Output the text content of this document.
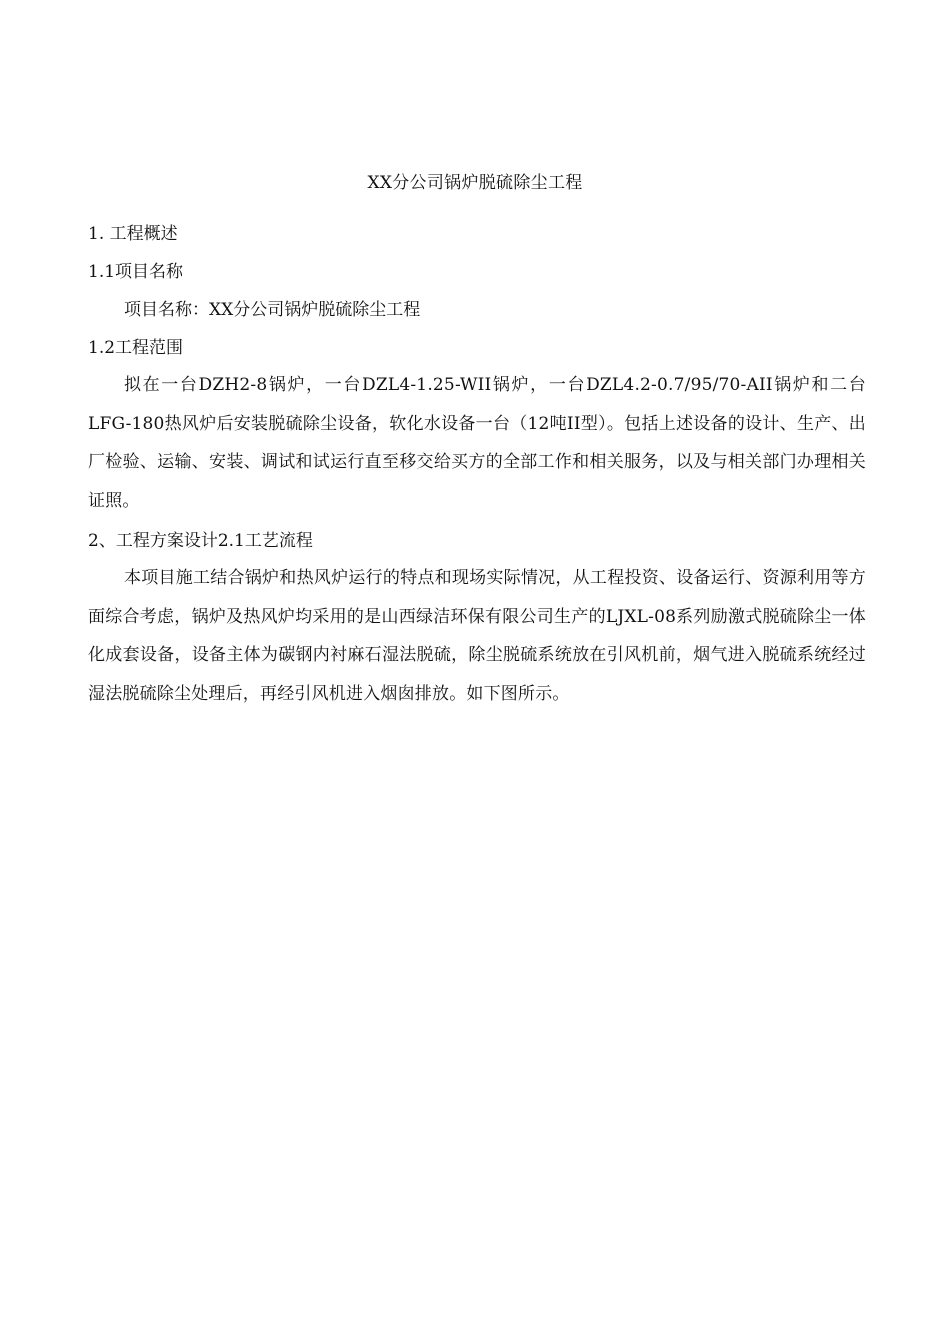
XX分公司锅炉脱硫除尘工程
1. 工程概述
1.1项目名称
项目名称：XX分公司锅炉脱硫除尘工程
1.2工程范围
拟在一台DZH2-8锅炉，一台DZL4-1.25-WII锅炉，一台DZL4.2-0.7/95/70-AII锅炉和二台LFG-180热风炉后安装脱硫除尘设备，软化水设备一台（12吨II型）。包括上述设备的设计、生产、出厂检验、运输、安装、调试和试运行直至移交给买方的全部工作和相关服务，以及与相关部门办理相关证照。
2、工程方案设计2.1工艺流程
本项目施工结合锅炉和热风炉运行的特点和现场实际情况，从工程投资、设备运行、资源利用等方面综合考虑，锅炉及热风炉均采用的是山西绿洁环保有限公司生产的LJXL-08系列励激式脱硫除尘一体化成套设备，设备主体为碳钢内衬麻石湿法脱硫，除尘脱硫系统放在引风机前，烟气进入脱硫系统经过湿法脱硫除尘处理后，再经引风机进入烟囱排放。如下图所示。
